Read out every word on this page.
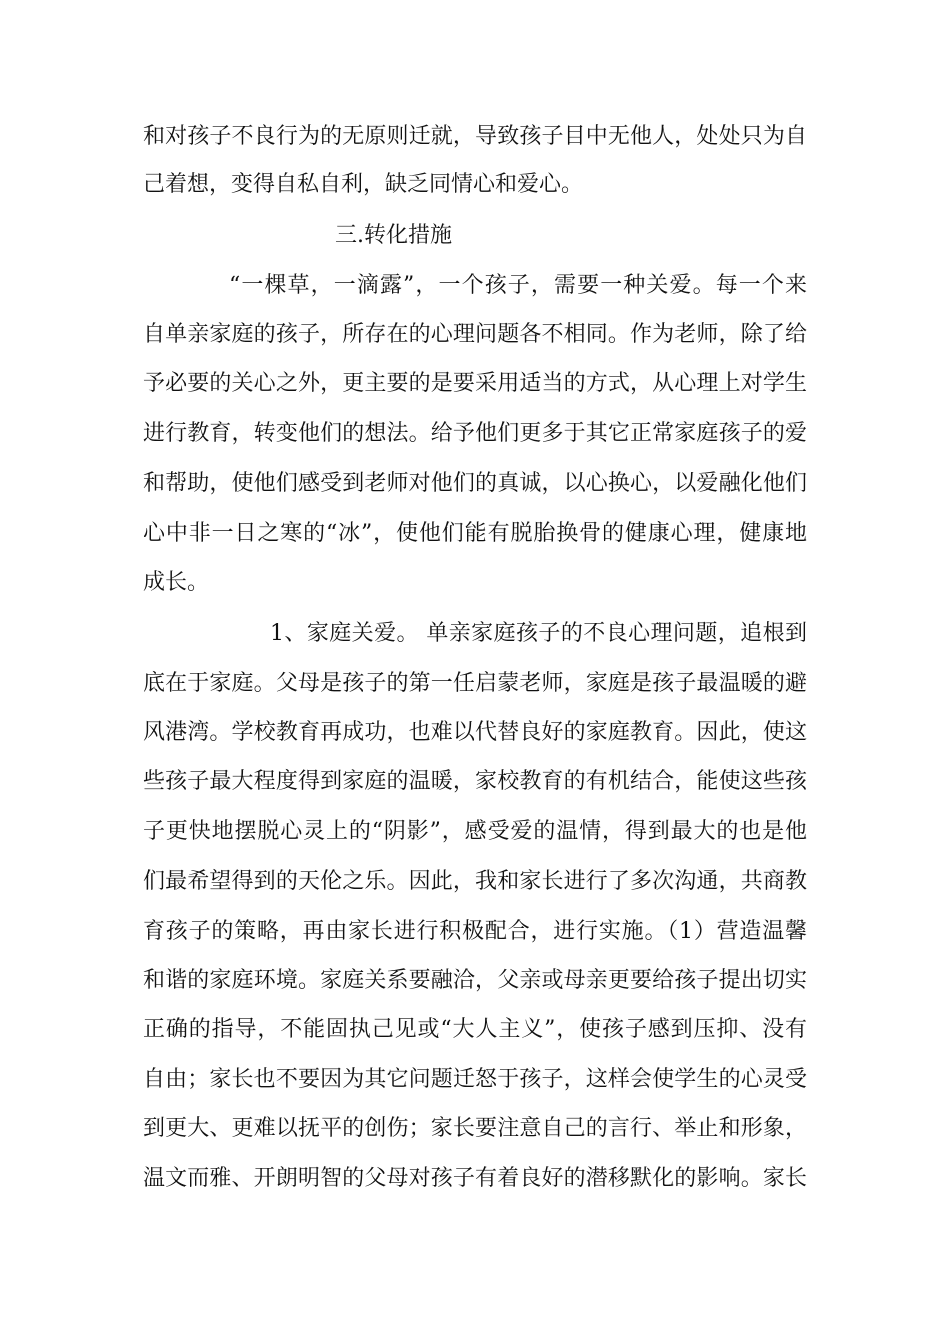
和对孩子不良行为的无原则迁就，导致孩子目中无他人，处处只为自
己着想，变得自私自利，缺乏同情心和爱心。
三.转化措施
“一棵草，一滴露”，一个孩子，需要一种关爱。每一个来
自单亲家庭的孩子，所存在的心理问题各不相同。作为老师，除了给
予必要的关心之外，更主要的是要采用适当的方式，从心理上对学生
进行教育，转变他们的想法。给予他们更多于其它正常家庭孩子的爱
和帮助，使他们感受到老师对他们的真诚，以心换心，以爱融化他们
心中非一日之寒的“冰”，使他们能有脱胎换骨的健康心理，健康地
成长。
1、家庭关爱。 单亲家庭孩子的不良心理问题，追根到
底在于家庭。父母是孩子的第一任启蒙老师，家庭是孩子最温暖的避
风港湾。学校教育再成功，也难以代替良好的家庭教育。因此，使这
些孩子最大程度得到家庭的温暖，家校教育的有机结合，能使这些孩
子更快地摆脱心灵上的“阴影”，感受爱的温情，得到最大的也是他
们最希望得到的天伦之乐。因此，我和家长进行了多次沟通，共商教
育孩子的策略，再由家长进行积极配合，进行实施。（1）营造温馨
和谐的家庭环境。家庭关系要融洽，父亲或母亲更要给孩子提出切实
正确的指导，不能固执己见或“大人主义”，使孩子感到压抑、没有
自由；家长也不要因为其它问题迁怒于孩子，这样会使学生的心灵受
到更大、更难以抚平的创伤；家长要注意自己的言行、举止和形象，
温文而雅、开朗明智的父母对孩子有着良好的潜移默化的影响。家长
